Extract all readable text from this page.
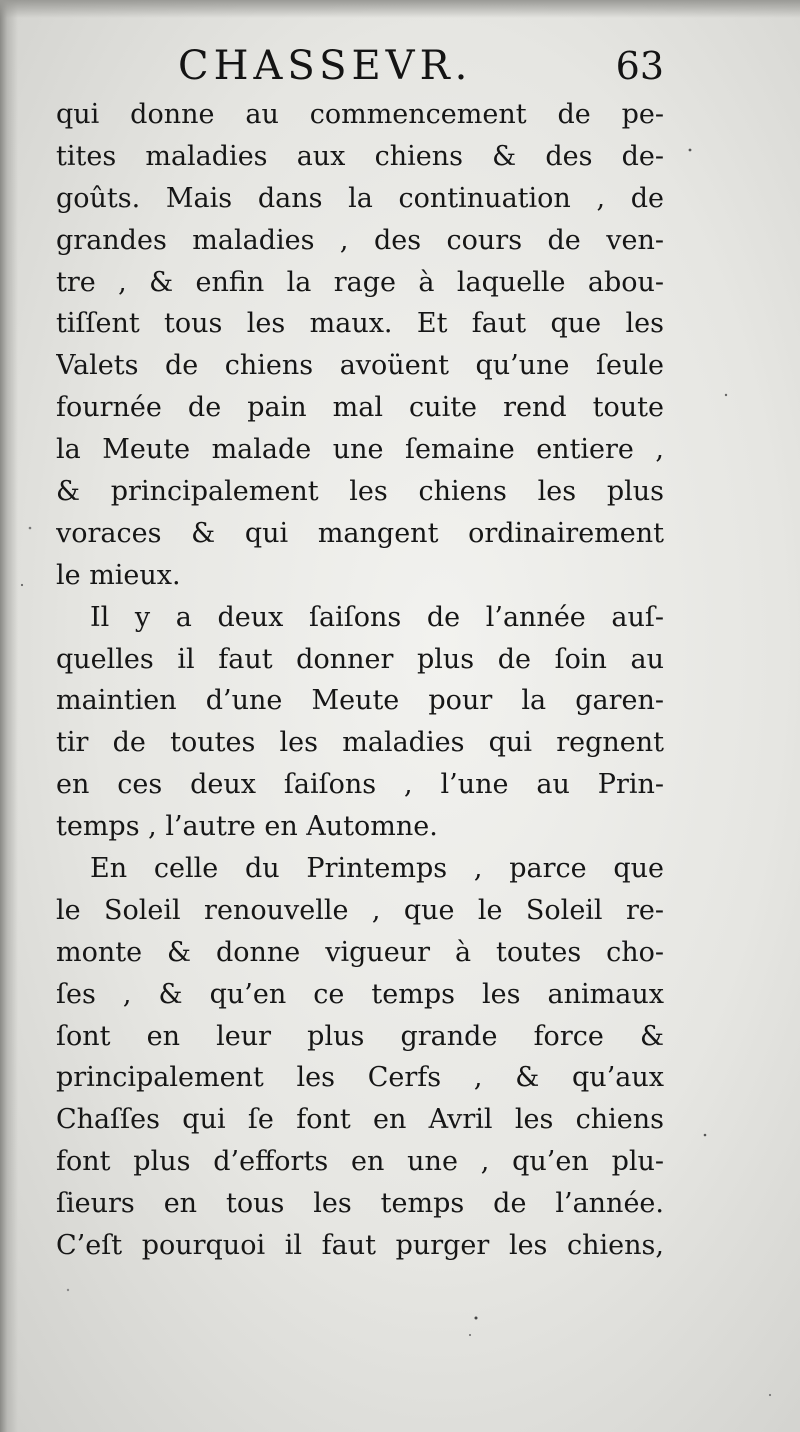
CHASSEVR.	63
qui donne au commencement de pe-
tites maladies aux chiens & des de-
goûts. Mais dans la continuation , de
grandes maladies , des cours de ven-
tre , & enfin la rage à laquelle abou-
tiſſent tous les maux. Et faut que les
Valets de chiens avoüent qu’une ſeule
fournée de pain mal cuite rend toute
la Meute malade une ſemaine entiere ,
& principalement les chiens les plus
voraces & qui mangent ordinairement
le mieux.
Il y a deux ſaiſons de l’année auſ-
quelles il faut donner plus de ſoin au
maintien d’une Meute pour la garen-
tir de toutes les maladies qui regnent
en ces deux ſaiſons , l’une au Prin-
temps , l’autre en Automne.
En celle du Printemps , parce que
le Soleil renouvelle , que le Soleil re-
monte & donne vigueur à toutes cho-
ſes , & qu’en ce temps les animaux
ſont en leur plus grande force &
principalement les Cerfs , & qu’aux
Chaſſes qui ſe font en Avril les chiens
font plus d’efforts en une , qu’en plu-
ſieurs en tous les temps de l’année.
C’eſt pourquoi il faut purger les chiens,
